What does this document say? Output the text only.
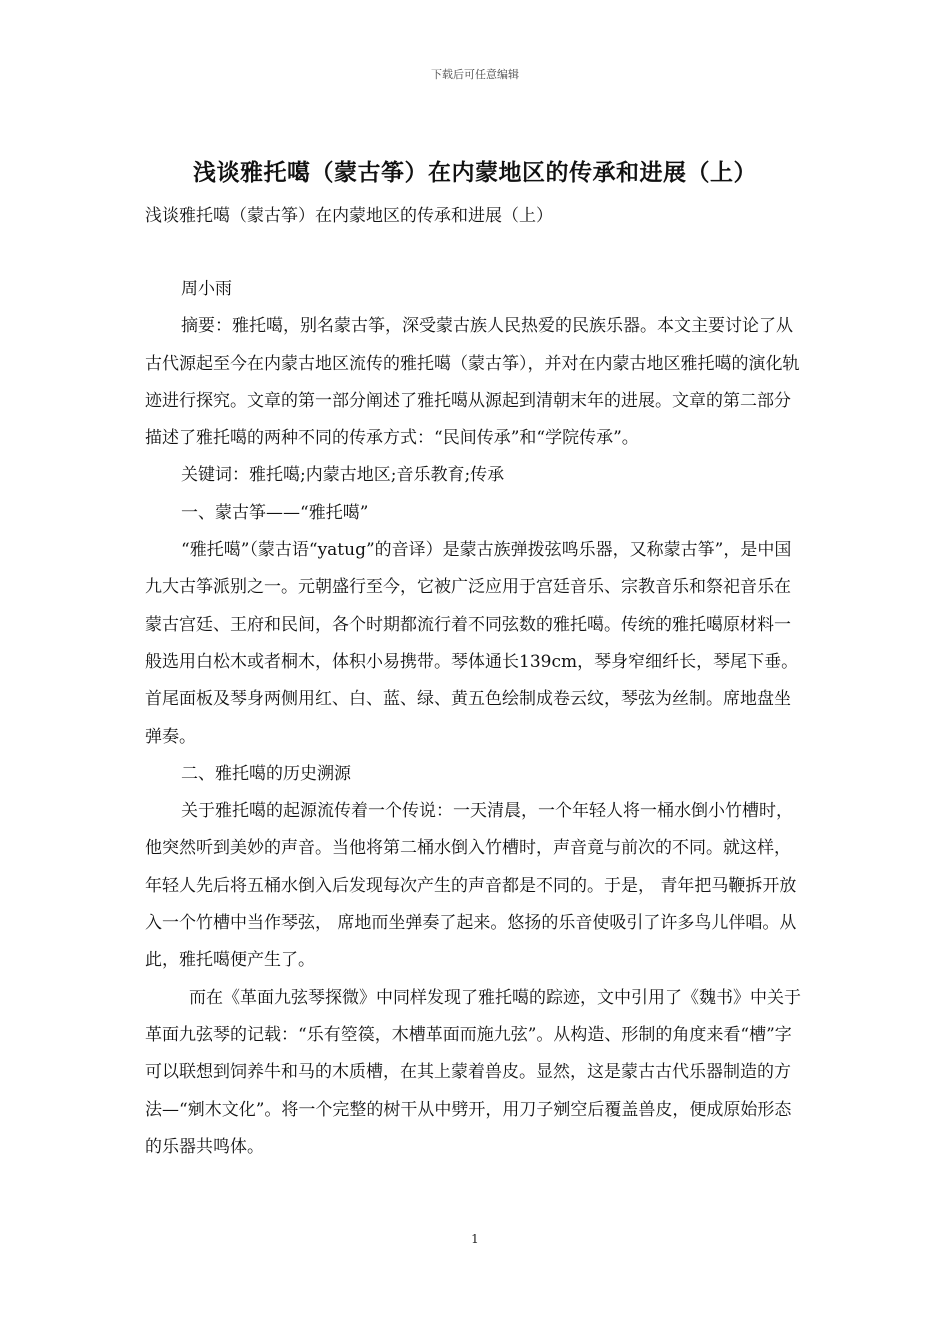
下载后可任意编辑
浅谈雅托噶（蒙古筝）在内蒙地区的传承和进展（上）
浅谈雅托噶（蒙古筝）在内蒙地区的传承和进展（上）

周小雨

摘要：雅托噶，别名蒙古筝，深受蒙古族人民热爱的民族乐器。本文主要讨论了从古代源起至今在内蒙古地区流传的雅托噶（蒙古筝），并对在内蒙古地区雅托噶的演化轨迹进行探究。文章的第一部分阐述了雅托噶从源起到清朝末年的进展。文章的第二部分描述了雅托噶的两种不同的传承方式：“民间传承”和“学院传承”。

关键词：雅托噶;内蒙古地区;音乐教育;传承

一、蒙古筝——“雅托噶”

“雅托噶”（蒙古语“yatug”的音译）是蒙古族弹拨弦鸣乐器，又称蒙古筝”，是中国九大古筝派别之一。元朝盛行至今，它被广泛应用于宫廷音乐、宗教音乐和祭祀音乐在蒙古宫廷、王府和民间，各个时期都流行着不同弦数的雅托噶。传统的雅托噶原材料一般选用白松木或者桐木，体积小易携带。琴体通长139cm，琴身窄细纤长，琴尾下垂。首尾面板及琴身两侧用红、白、蓝、绿、黄五色绘制成卷云纹，琴弦为丝制。席地盘坐弹奏。

二、雅托噶的历史溯源

关于雅托噶的起源流传着一个传说：一天清晨，一个年轻人将一桶水倒小竹槽时， 他突然听到美妙的声音。当他将第二桶水倒入竹槽时，声音竟与前次的不同。就这样， 年轻人先后将五桶水倒入后发现每次产生的声音都是不同的。于是， 青年把马鞭拆开放入一个竹槽中当作琴弦， 席地而坐弹奏了起来。悠扬的乐音使吸引了许多鸟儿伴唱。从此，雅托噶便产生了。

而在《革面九弦琴探微》中同样发现了雅托噶的踪迹，文中引用了《魏书》中关于革面九弦琴的记载：“乐有箜篌，木槽革面而施九弦”。从构造、形制的角度来看“槽”字可以联想到饲养牛和马的木质槽，在其上蒙着兽皮。显然，这是蒙古古代乐器制造的方法—“剜木文化”。将一个完整的树干从中劈开，用刀子剜空后覆盖兽皮，便成原始形态的乐器共鸣体。

1
